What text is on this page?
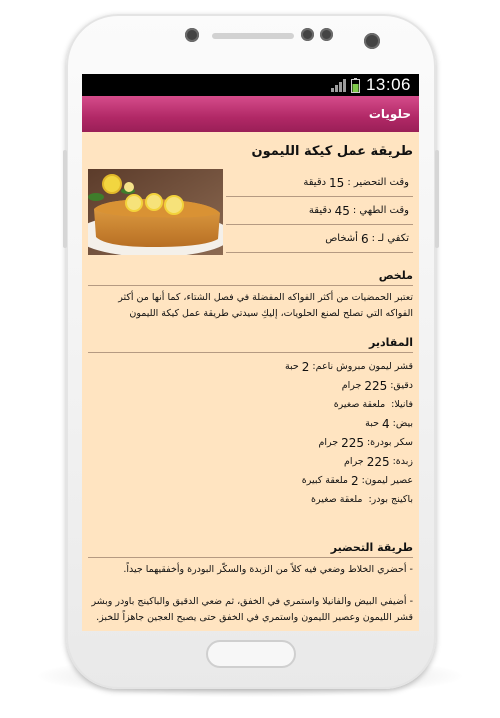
13:06
حلويات
طريقة عمل كيكة الليمون
وقت التحضير :
15
دقيقة
وقت الطهي :
45
دقيقة
تكفي لـ :
6
أشخاص
ملخص
تعتبر الحمضيات من أكثر الفواكه المفضلة في فصل الشتاء، كما أنها من أكثر الفواكه التي تصلح لصنع الحلويات، إليكِ سيدتي طريقة عمل كيكة الليمون
المقادير
قشر ليمون مبروش ناعم:
2
حبة
دقيق:
225
جرام
فانيلا:
ملعقة صغيرة
بيض:
4
حبة
سكر بودرة:
225
جرام
زبدة:
225
جرام
عصير ليمون:
2
ملعقة كبيرة
باكينج بودر:
ملعقة صغيرة
طريقة التحضير
- أحضري الخلاط وضعي فيه كلاً من الزبدة والسكّر البودرة وأخفقيهما جيداً.
- أضيفي البيض والفانيلا واستمري في الخفق، ثم ضعي الدقيق والباكينج باودر وبشر قشر الليمون وعصير الليمون واستمري في الخفق حتى يصبح العجين جاهزاً للخبز.
